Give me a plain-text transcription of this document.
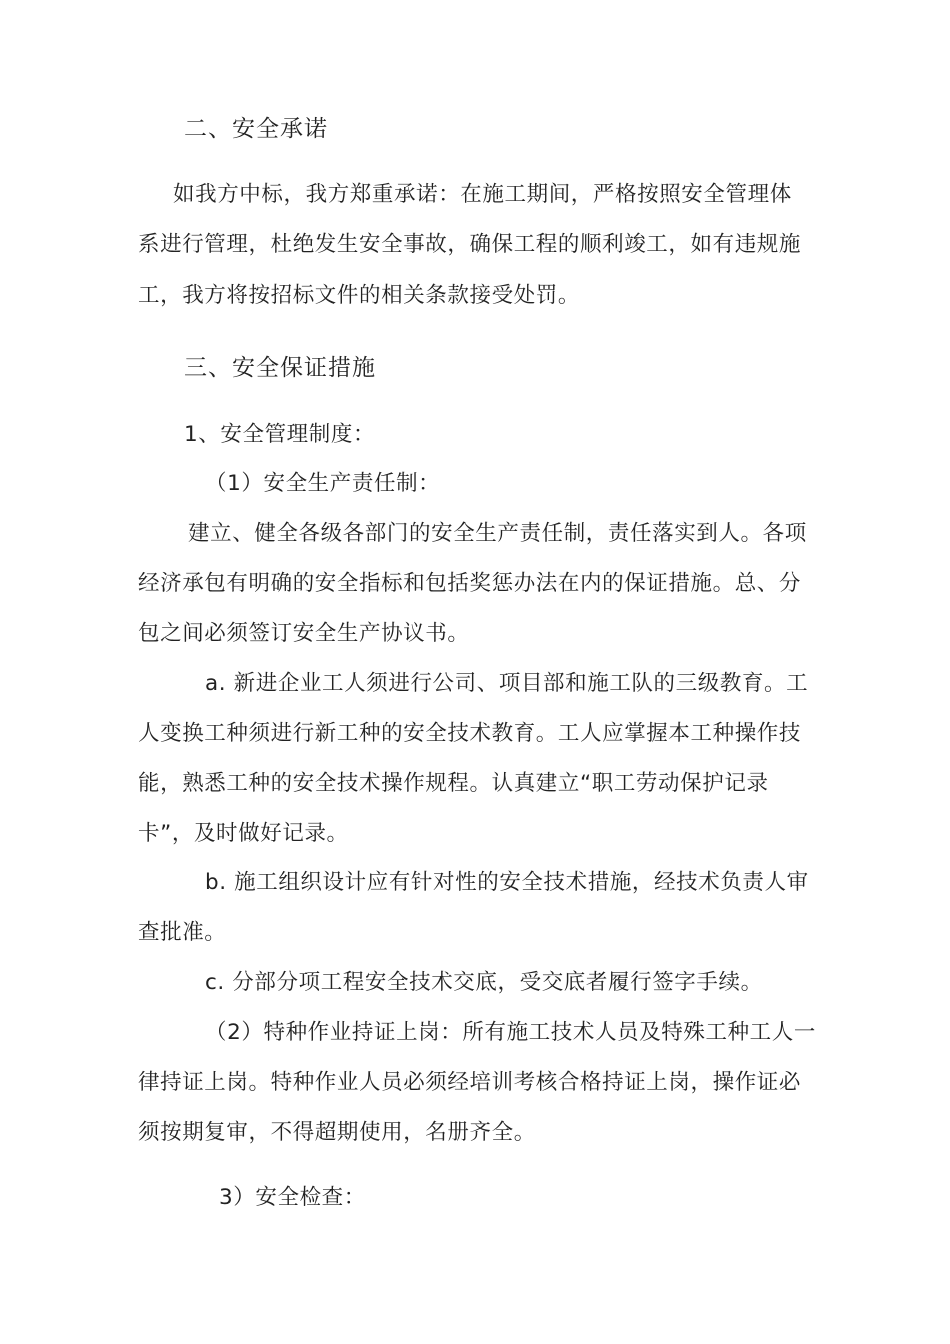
二、安全承诺
如我方中标，我方郑重承诺：在施工期间，严格按照安全管理体
系进行管理，杜绝发生安全事故，确保工程的顺利竣工，如有违规施
工，我方将按招标文件的相关条款接受处罚。
三、安全保证措施
1、安全管理制度：
（1）安全生产责任制：
建立、健全各级各部门的安全生产责任制，责任落实到人。各项
经济承包有明确的安全指标和包括奖惩办法在内的保证措施。总、分
包之间必须签订安全生产协议书。
a. 新进企业工人须进行公司、项目部和施工队的三级教育。工
人变换工种须进行新工种的安全技术教育。工人应掌握本工种操作技
能，熟悉工种的安全技术操作规程。认真建立“职工劳动保护记录
卡”，及时做好记录。
b. 施工组织设计应有针对性的安全技术措施，经技术负责人审
查批准。
c. 分部分项工程安全技术交底，受交底者履行签字手续。
（2）特种作业持证上岗：所有施工技术人员及特殊工种工人一
律持证上岗。特种作业人员必须经培训考核合格持证上岗，操作证必
须按期复审，不得超期使用，名册齐全。
3）安全检查：
